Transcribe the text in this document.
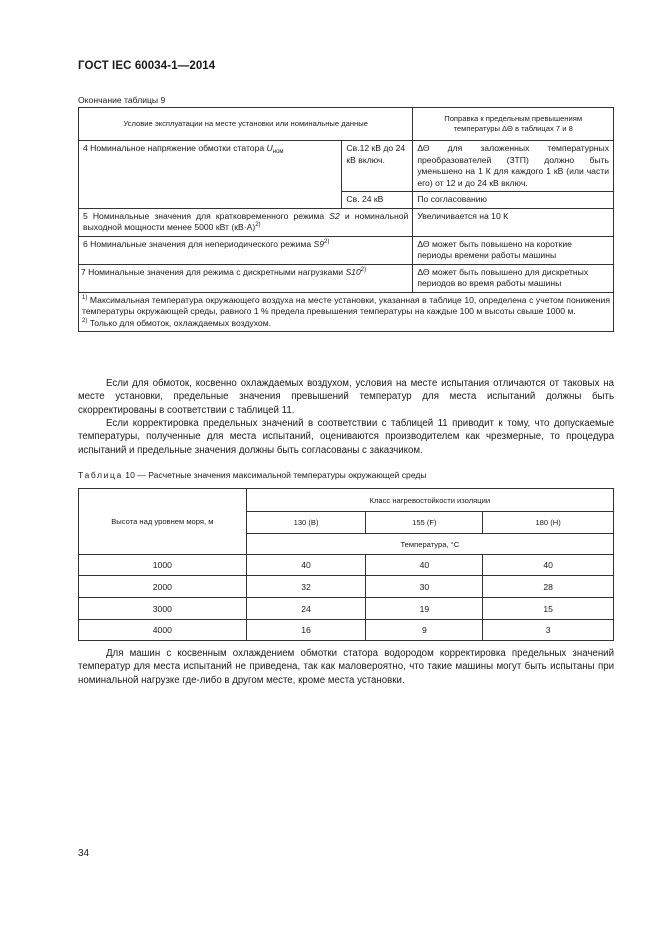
ГОСТ IEC 60034-1—2014
Окончание таблицы 9
Условие эксплуатации на месте установки или номинальные данные		Поправка к предельным превышениям
температуры ΔΘ в таблицах 7 и 8

4 Номинальное напряжение обмотки статора $U_{ном}$	Св.12 кВ до 24 кВ включ.	ΔΘ для заложенных температурных преобразователей (ЗТП) должно быть уменьшено на 1 К для каждого 1 кВ (или части его) от 12 и до 24 кВ включ.
	Св. 24 кВ	По согласованию
5 Номинальные значения для кратковременного режима S2 и номинальной выходной мощности менее 5000 кВт $(кВ\cdot А)^{2)}$		Увеличивается на 10 К
6 Номинальные значения для непериодического режима S9$^{2)}$		ΔΘ может быть повышено на короткие периоды времени работы машины
7 Номинальные значения для режима с дискретными нагрузками S10$^{2)}$		ΔΘ может быть повышено для дискретных периодов во время работы машины

$^{1)}$ Максимальная температура окружающего воздуха на месте установки, указанная в таблице 10, определена с учетом понижения температуры окружающей среды, равного 1 % предела превышения температуры на каждые 100 м высоты свыше 1000 м.
$^{2)}$ Только для обмоток, охлаждаемых воздухом.		

Если для обмоток, косвенно охлаждаемых воздухом, условия на месте испытания отличаются от таковых на месте установки, предельные значения превышений температур для места испытаний должны быть скорректированы в соответствии с таблицей 11.

Если корректировка предельных значений в соответствии с таблицей 11 приводит к тому, что допускаемые температуры, полученные для места испытаний, оцениваются производителем как чрезмерные, то процедура испытаний и предельные значения должны быть согласованы с заказчиком.

Таблица 10 — Расчетные значения максимальной температуры окружающей среды
Высота над уровнем моря, м	Класс нагревостойкости изоляции		
	130 (B)	155 (F)	180 (H)
	Температура, °С		
1000	40	40	40
2000	32	30	28
3000	24	19	15
4000	16	9	3

Для машин с косвенным охлаждением обмотки статора водородом корректировка предельных значений температур для места испытаний не приведена, так как маловероятно, что такие машины могут быть испытаны при номинальной нагрузке где-либо в другом месте, кроме места установки.

34
